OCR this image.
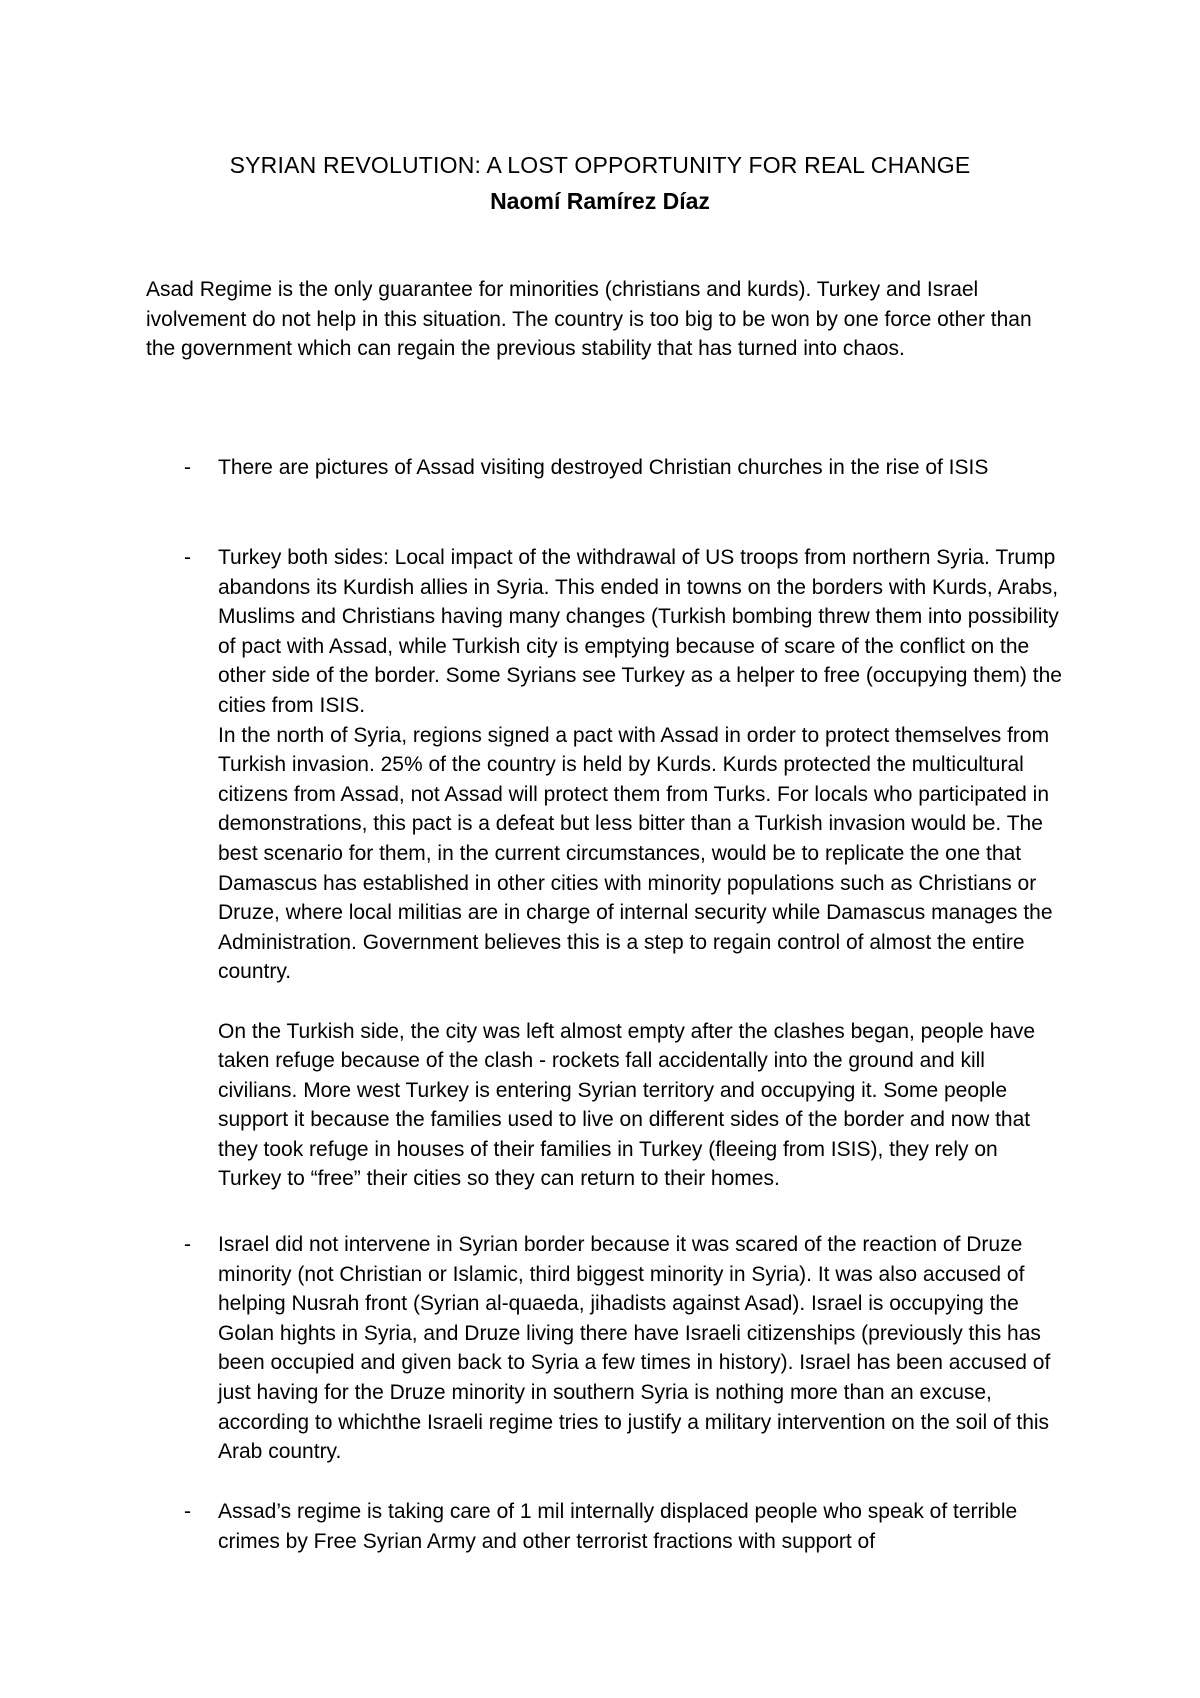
SYRIAN REVOLUTION: A LOST OPPORTUNITY FOR REAL CHANGE
Naomí Ramírez Díaz

Asad Regime is the only guarantee for minorities (christians and kurds). Turkey and Israel ivolvement do not help in this situation. The country is too big to be won by one force other than the government which can regain the previous stability that has turned into chaos.

- There are pictures of Assad visiting destroyed Christian churches in the rise of ISIS

- Turkey both sides: Local impact of the withdrawal of US troops from northern Syria. Trump abandons its Kurdish allies in Syria. This ended in towns on the borders with Kurds, Arabs, Muslims and Christians having many changes (Turkish bombing threw them into possibility of pact with Assad, while Turkish city is emptying because of scare of the conflict on the other side of the border. Some Syrians see Turkey as a helper to free (occupying them) the cities from ISIS.

In the north of Syria, regions signed a pact with Assad in order to protect themselves from Turkish invasion. 25% of the country is held by Kurds. Kurds protected the multicultural citizens from Assad, not Assad will protect them from Turks. For locals who participated in demonstrations, this pact is a defeat but less bitter than a Turkish invasion would be. The best scenario for them, in the current circumstances, would be to replicate the one that Damascus has established in other cities with minority populations such as Christians or Druze, where local militias are in charge of internal security while Damascus manages the Administration. Government believes this is a step to regain control of almost the entire country.

On the Turkish side, the city was left almost empty after the clashes began, people have taken refuge because of the clash - rockets fall accidentally into the ground and kill civilians. More west Turkey is entering Syrian territory and occupying it. Some people support it because the families used to live on different sides of the border and now that they took refuge in houses of their families in Turkey (fleeing from ISIS), they rely on Turkey to “free” their cities so they can return to their homes.

- Israel did not intervene in Syrian border because it was scared of the reaction of Druze minority (not Christian or Islamic, third biggest minority in Syria). It was also accused of helping Nusrah front (Syrian al-quaeda, jihadists against Asad). Israel is occupying the Golan hights in Syria, and Druze living there have Israeli citizenships (previously this has been occupied and given back to Syria a few times in history). Israel has been accused of just having for the Druze minority in southern Syria is nothing more than an excuse, according to whichthe Israeli regime tries to justify a military intervention on the soil of this Arab country.

- Assad’s regime is taking care of 1 mil internally displaced people who speak of terrible crimes by Free Syrian Army and other terrorist fractions with support of
